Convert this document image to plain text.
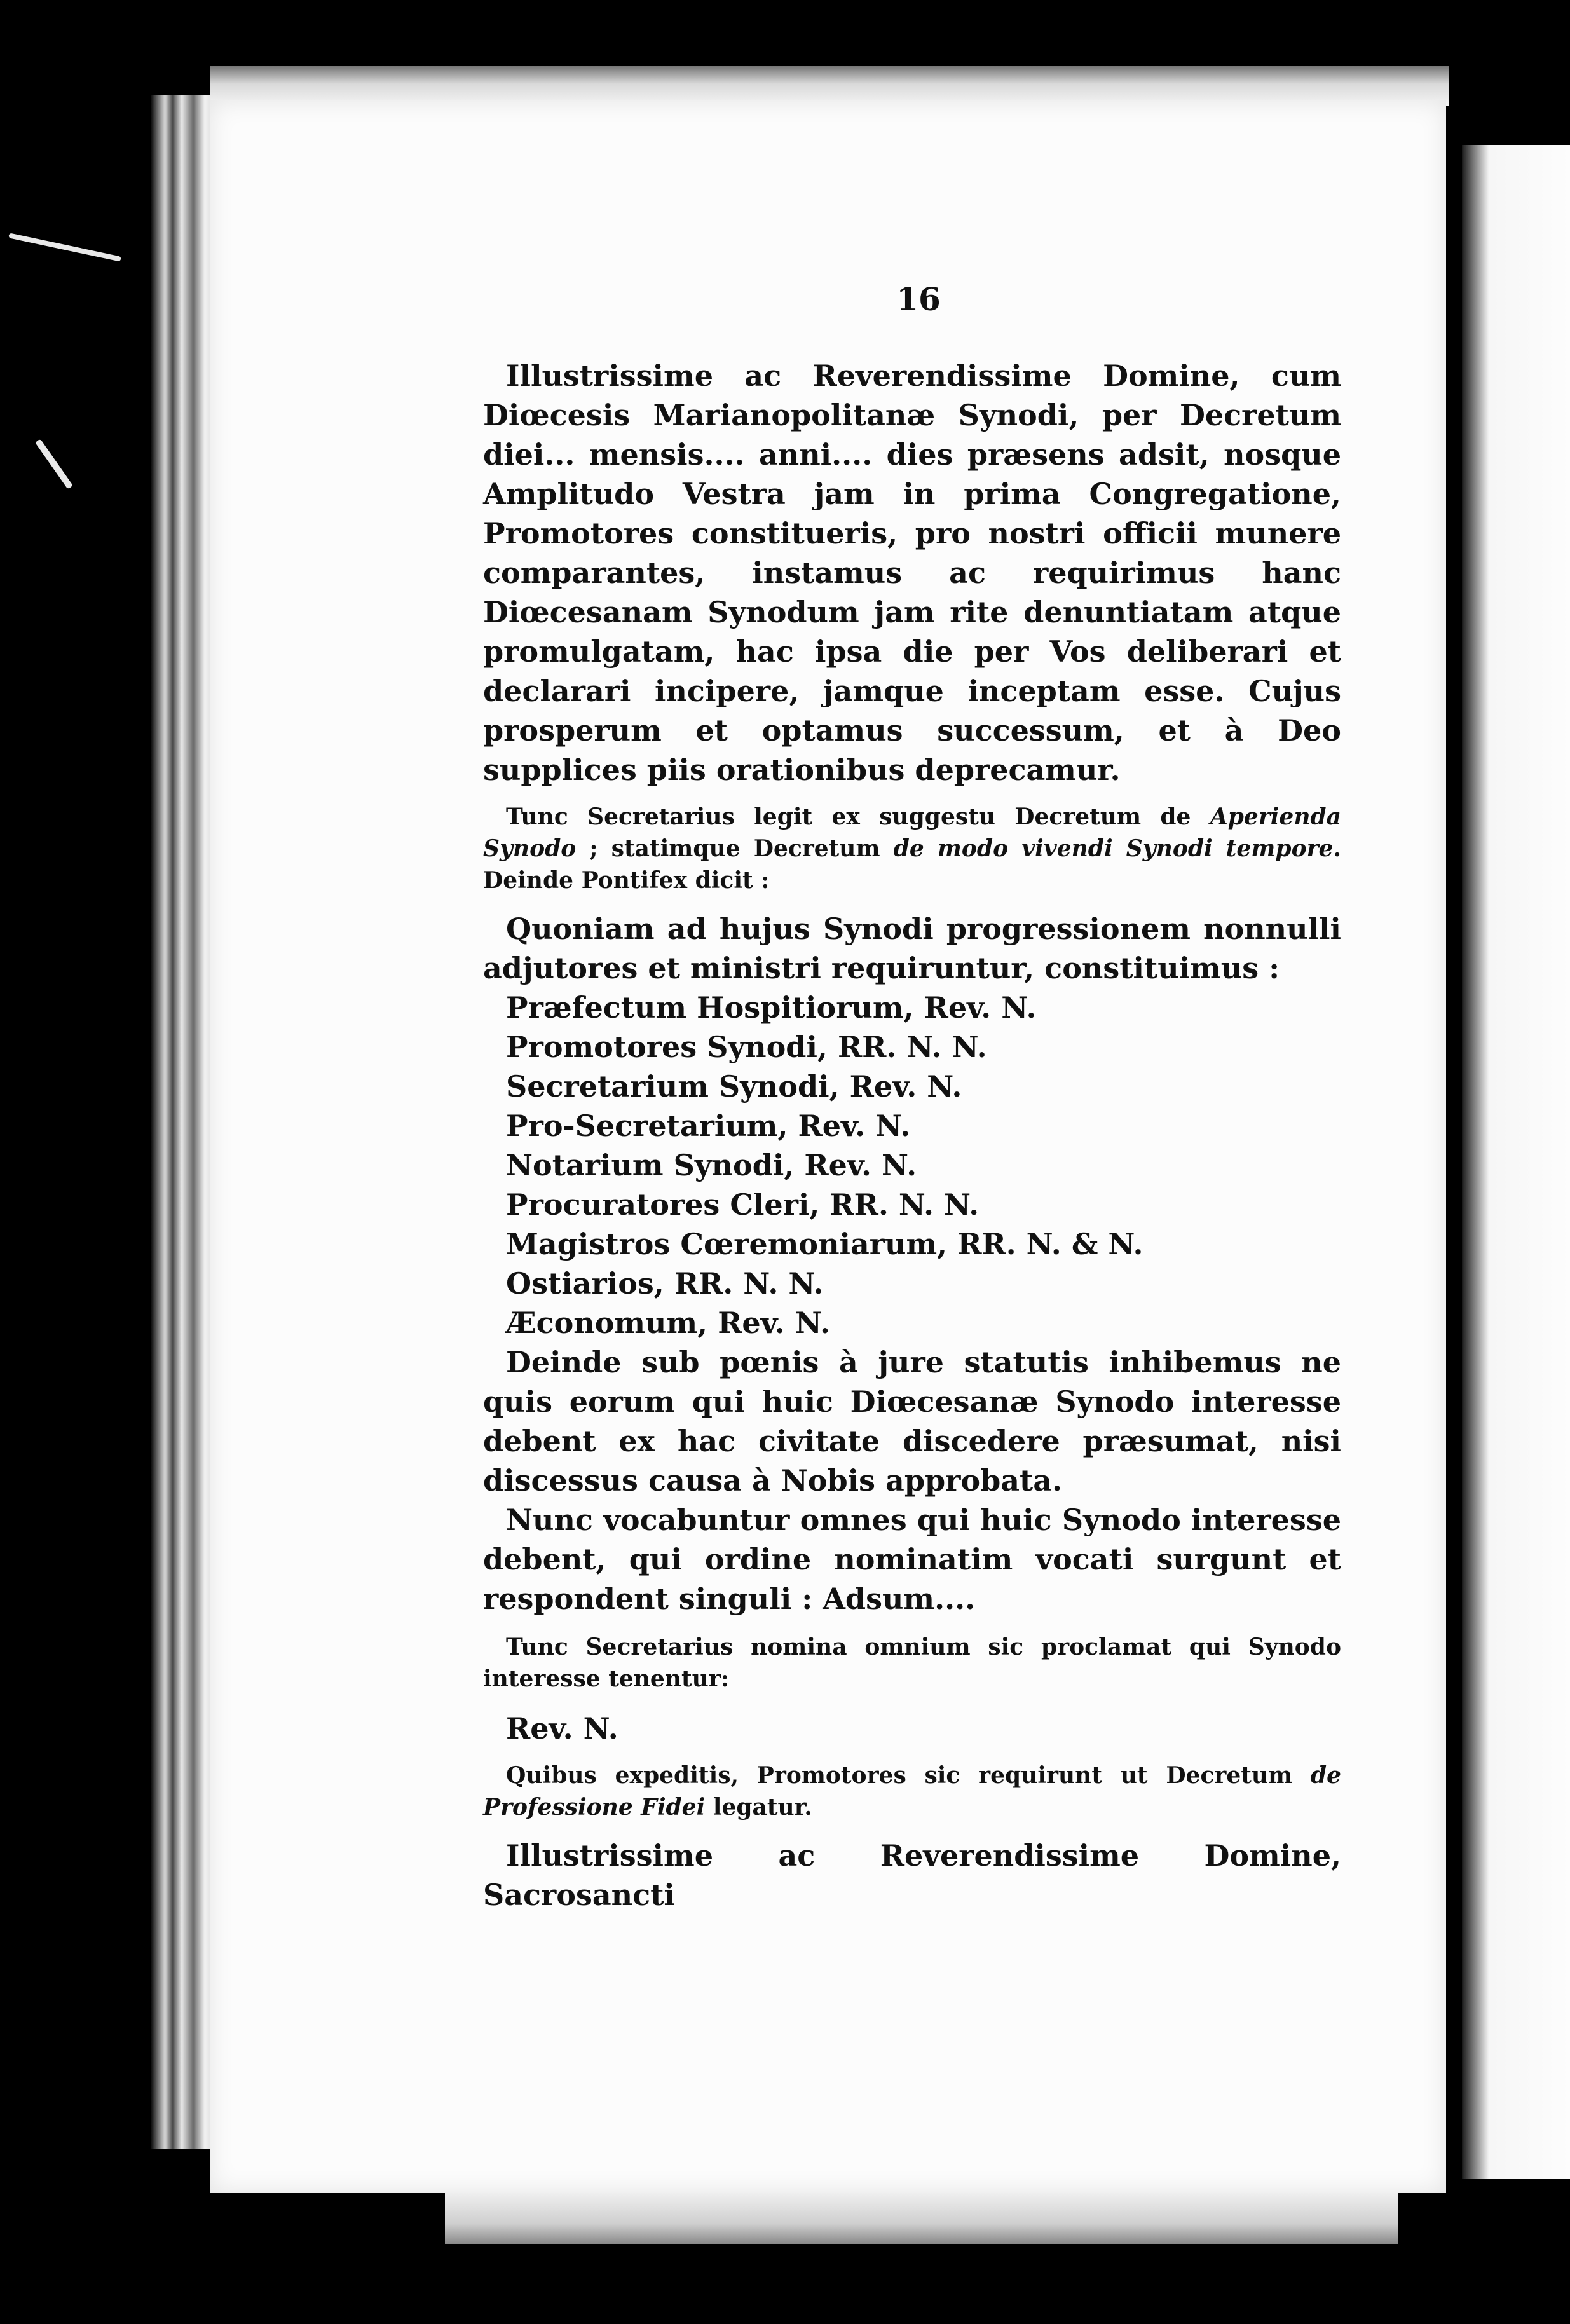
16

Illustrissime ac Reverendissime Domine, cum Diœcesis Marianopolitanæ Synodi, per Decretum diei... mensis.... anni.... dies præsens adsit, nosque Amplitudo Vestra jam in prima Congregatione, Promotores constitueris, pro nostri officii munere comparantes, instamus ac requirimus hanc Diœcesanam Synodum jam rite denuntiatam atque promulgatam, hac ipsa die per Vos deliberari et declarari incipere, jamque inceptam esse. Cujus prosperum et optamus successum, et à Deo supplices piis orationibus deprecamur.

Tunc Secretarius legit ex suggestu Decretum de Aperienda Synodo ; statimque Decretum de modo vivendi Synodi tempore. Deinde Pontifex dicit :

Quoniam ad hujus Synodi progressionem nonnulli adjutores et ministri requiruntur, constituimus :

Præfectum Hospitiorum, Rev. N.
Promotores Synodi, RR. N. N.
Secretarium Synodi, Rev. N.
Pro-Secretarium, Rev. N.
Notarium Synodi, Rev. N.
Procuratores Cleri, RR. N. N.
Magistros Cœremoniarum, RR. N. & N.
Ostiarios, RR. N. N.
Æconomum, Rev. N.

Deinde sub pœnis à jure statutis inhibemus ne quis eorum qui huic Diœcesanæ Synodo interesse debent ex hac civitate discedere præsumat, nisi discessus causa à Nobis approbata.

Nunc vocabuntur omnes qui huic Synodo interesse debent, qui ordine nominatim vocati surgunt et respondent singuli : Adsum....

Tunc Secretarius nomina omnium sic proclamat qui Synodo interesse tenentur:

Rev. N.

Quibus expeditis, Promotores sic requirunt ut Decretum de Professione Fidei legatur.

Illustrissime ac Reverendissime Domine, Sacrosancti
